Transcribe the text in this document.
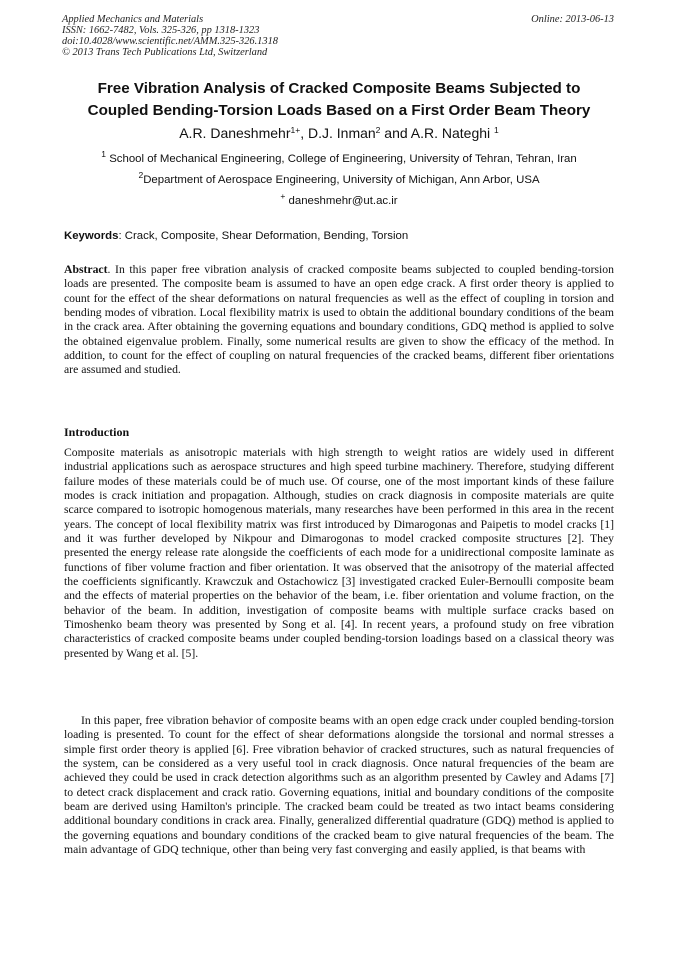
Applied Mechanics and Materials
ISSN: 1662-7482, Vols. 325-326, pp 1318-1323
doi:10.4028/www.scientific.net/AMM.325-326.1318
© 2013 Trans Tech Publications Ltd, Switzerland
Online: 2013-06-13
Free Vibration Analysis of Cracked Composite Beams Subjected to
Coupled Bending-Torsion Loads Based on a First Order Beam Theory
A.R. Daneshmehr$^{1+}$, D.J. Inman$^2$ and A.R. Nateghi $^1$
$^1$ School of Mechanical Engineering, College of Engineering, University of Tehran, Tehran, Iran
$^2$Department of Aerospace Engineering, University of Michigan, Ann Arbor, USA
+ daneshmehr@ut.ac.ir
Keywords: Crack, Composite, Shear Deformation, Bending, Torsion
Abstract. In this paper free vibration analysis of cracked composite beams subjected to coupled bending-torsion loads are presented. The composite beam is assumed to have an open edge crack. A first order theory is applied to count for the effect of the shear deformations on natural frequencies as well as the effect of coupling in torsion and bending modes of vibration. Local flexibility matrix is used to obtain the additional boundary conditions of the beam in the crack area. After obtaining the governing equations and boundary conditions, GDQ method is applied to solve the obtained eigenvalue problem. Finally, some numerical results are given to show the efficacy of the method. In addition, to count for the effect of coupling on natural frequencies of the cracked beams, different fiber orientations are assumed and studied.
Introduction
Composite materials as anisotropic materials with high strength to weight ratios are widely used in different industrial applications such as aerospace structures and high speed turbine machinery. Therefore, studying different failure modes of these materials could be of much use. Of course, one of the most important kinds of these failure modes is crack initiation and propagation. Although, studies on crack diagnosis in composite materials are quite scarce compared to isotropic homogenous materials, many researches have been performed in this area in the recent years. The concept of local flexibility matrix was first introduced by Dimarogonas and Paipetis to model cracks [1] and it was further developed by Nikpour and Dimarogonas to model cracked composite structures [2]. They presented the energy release rate alongside the coefficients of each mode for a unidirectional composite laminate as functions of fiber volume fraction and fiber orientation. It was observed that the anisotropy of the material affected the coefficients significantly. Krawczuk and Ostachowicz [3] investigated cracked Euler-Bernoulli composite beam and the effects of material properties on the behavior of the beam, i.e. fiber orientation and volume fraction, on the behavior of the beam. In addition, investigation of composite beams with multiple surface cracks based on Timoshenko beam theory was presented by Song et al. [4]. In recent years, a profound study on free vibration characteristics of cracked composite beams under coupled bending-torsion loadings based on a classical theory was presented by Wang et al. [5].
In this paper, free vibration behavior of composite beams with an open edge crack under coupled bending-torsion loading is presented. To count for the effect of shear deformations alongside the torsional and normal stresses a simple first order theory is applied [6]. Free vibration behavior of cracked structures, such as natural frequencies of the system, can be considered as a very useful tool in crack diagnosis. Once natural frequencies of the beam are achieved they could be used in crack detection algorithms such as an algorithm presented by Cawley and Adams [7] to detect crack displacement and crack ratio. Governing equations, initial and boundary conditions of the composite beam are derived using Hamilton's principle. The cracked beam could be treated as two intact beams considering additional boundary conditions in crack area. Finally, generalized differential quadrature (GDQ) method is applied to the governing equations and boundary conditions of the cracked beam to give natural frequencies of the beam. The main advantage of GDQ technique, other than being very fast converging and easily applied, is that beams with
